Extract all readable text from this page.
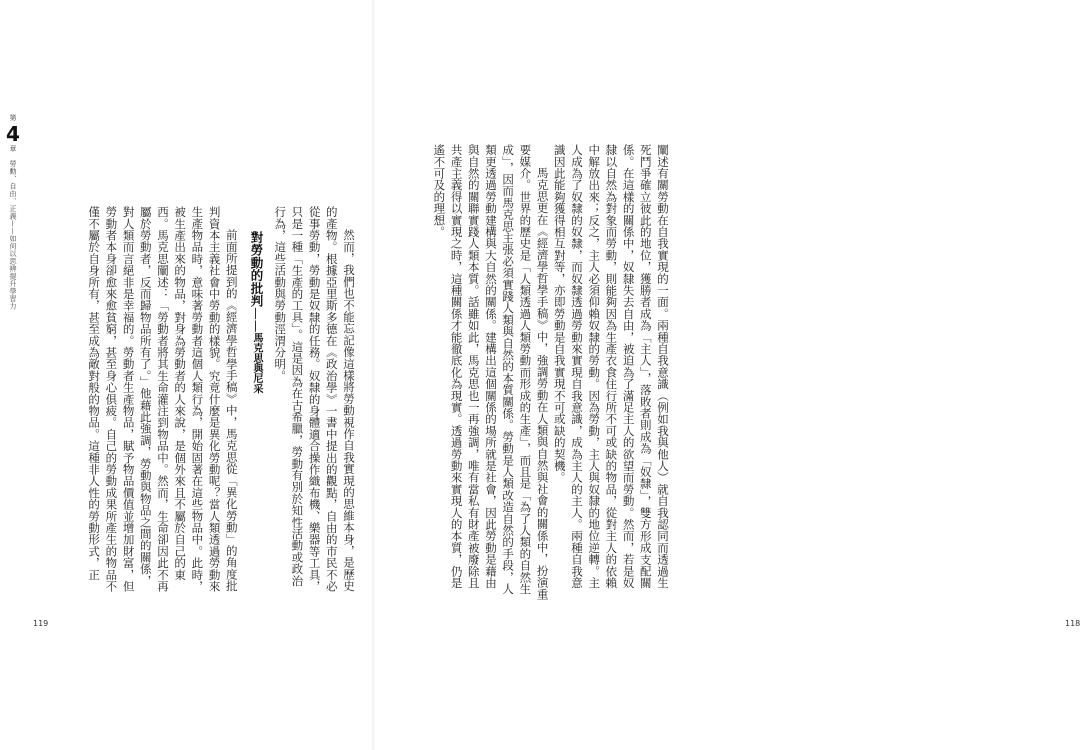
第
4
章
勞動、自由、正義——如何以思辨提升學習力	然而，我們也不能忘記像這樣將勞動視作自我實現的思維本身，是歷史的產物。根據亞里斯多德在《政治學》一書中提出的觀點，自由的市民不必從事勞動，勞動是奴隸的任務。奴隸的身體適合操作織布機、樂器等工具，只是一種「生產的工具」。這是因為在古希臘，勞動有別於知性活動或政治行為，這些活動與勞動涇渭分明。

對勞動的批判——馬克思與尼采

前面所提到的《經濟學哲學手稿》中，馬克思從「異化勞動」的角度批判資本主義社會中勞動的樣貌。究竟什麼是異化勞動呢？當人類透過勞動來生產物品時，意味著勞動者這個人類行為，開始固著在這些物品中。此時，被生產出來的物品，對身為勞動者的人來說，是個外來且不屬於自己的東西。馬克思闡述：「勞動者將其生命灌注到物品中。然而，生命卻因此不再屬於勞動者，反而歸物品所有了。」他藉此強調，勞動與物品之間的關係，對人類而言絕非是幸福的。勞動者生產物品，賦予物品價值並增加財富，但勞動者本身卻愈來愈貧窮，甚至身心俱疲。自己的勞動成果所產生的物品不僅不屬於自身所有，甚至成為敵對般的物品。這種非人性的勞動形式，正

119	118

闡述有關勞動在自我實現的一面。兩種自我意識（例如我與他人）就自我認同而透過生死鬥爭確立彼此的地位，獲勝者成為「主人」，落敗者則成為「奴隸」，雙方形成支配關係。在這樣的關係中，奴隸失去自由，被迫為了滿足主人的欲望而勞動。然而，若是奴隸以自然為對象而勞動，則能夠因為生產衣食住行所不可或缺的物品，從對主人的依賴中解放出來；反之，主人必須仰賴奴隸的勞動。因為勞動，主人與奴隸的地位逆轉。主人成為了奴隸的奴隸，而奴隸透過勞動來實現自我意識，成為主人的主人。兩種自我意識因此能夠獲得相互對等，亦即勞動是自我實現不可或缺的契機。

馬克思更在《經濟學哲學手稿》中，強調勞動在人類與自然與社會的關係中，扮演重要媒介。世界的歷史是「人類透過人類勞動而形成的生產」，而且是「為了人類的自然生成」，因而馬克思主張必須實踐人類與自然的本質關係。勞動是人類改造自然的手段，人類更透過勞動建構與大自然的關係。建構出這個關係的場所就是社會，因此勞動是藉由與自然的關聯實踐人類本質。話雖如此，馬克思也一再強調，唯有當私有財產被廢除且共產主義得以實現之時，這種關係才能徹底化為現實。透過勞動來實現人的本質，仍是遙不可及的理想。
